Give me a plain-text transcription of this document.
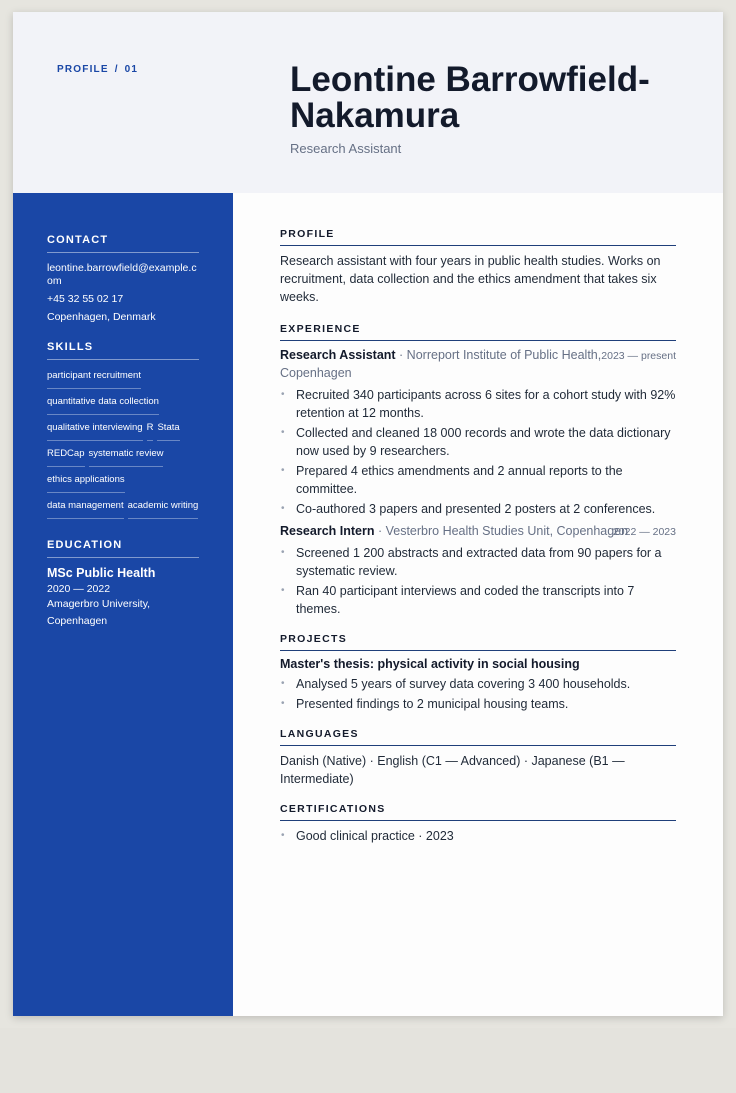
PROFILE / 01	Leontine Barrowfield-Nakamura
Research Assistant
CONTACT
leontine.barrowfield@example.com
+45 32 55 02 17
Copenhagen, Denmark
SKILLS
participant recruitment
quantitative data collection
qualitative interviewing R Stata
REDCap systematic review
ethics applications
data management academic writing
EDUCATION
MSc Public Health
2020 — 2022
Amagerbro University, Copenhagen
PROFILE

Research assistant with four years in public health studies. Works on recruitment, data collection and the ethics amendment that takes six weeks.

EXPERIENCE
Research Assistant · Norreport Institute of Public Health, Copenhagen
2023 — present
• Recruited 340 participants across 6 sites for a cohort study with 92% retention at 12 months.
• Collected and cleaned 18 000 records and wrote the data dictionary now used by 9 researchers.
• Prepared 4 ethics amendments and 2 annual reports to the committee.
• Co-authored 3 papers and presented 2 posters at 2 conferences.
Research Intern · Vesterbro Health Studies Unit, Copenhagen
2022 — 2023
• Screened 1 200 abstracts and extracted data from 90 papers for a systematic review.
• Ran 40 participant interviews and coded the transcripts into 7 themes.
PROJECTS
Master's thesis: physical activity in social housing
• Analysed 5 years of survey data covering 3 400 households.
• Presented findings to 2 municipal housing teams.
LANGUAGES

Danish (Native) · English (C1 — Advanced) · Japanese (B1 — Intermediate)

CERTIFICATIONS
• Good clinical practice · 2023
